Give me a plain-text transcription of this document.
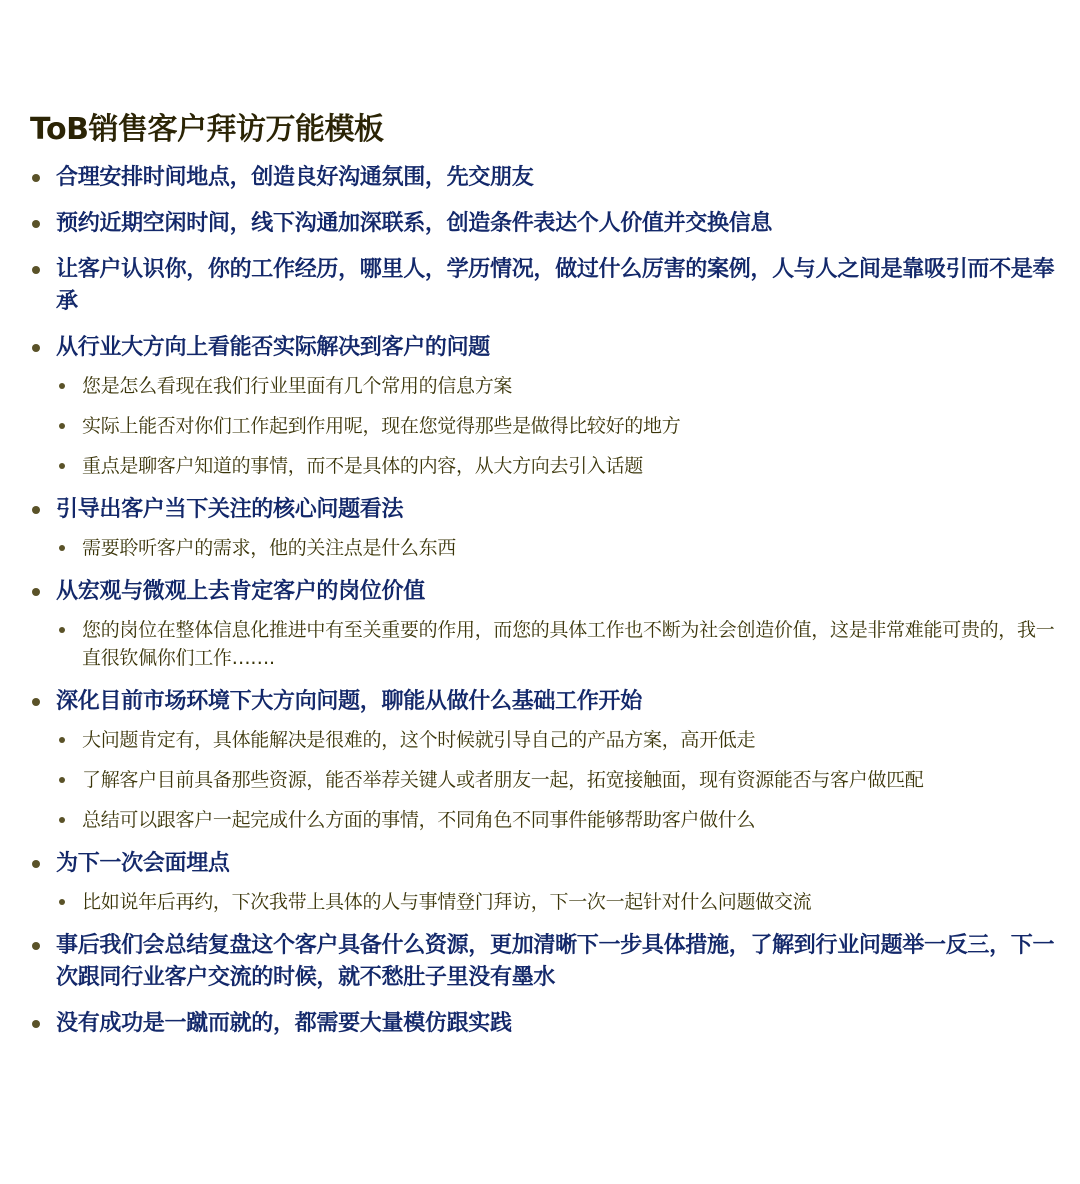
ToB销售客户拜访万能模板
合理安排时间地点，创造良好沟通氛围，先交朋友
预约近期空闲时间，线下沟通加深联系，创造条件表达个人价值并交换信息
让客户认识你，你的工作经历，哪里人，学历情况，做过什么厉害的案例，人与人之间是靠吸引而不是奉承
从行业大方向上看能否实际解决到客户的问题
您是怎么看现在我们行业里面有几个常用的信息方案
实际上能否对你们工作起到作用呢，现在您觉得那些是做得比较好的地方
重点是聊客户知道的事情，而不是具体的内容，从大方向去引入话题
引导出客户当下关注的核心问题看法
需要聆听客户的需求，他的关注点是什么东西
从宏观与微观上去肯定客户的岗位价值
您的岗位在整体信息化推进中有至关重要的作用，而您的具体工作也不断为社会创造价值，这是非常难能可贵的，我一直很钦佩你们工作…….
深化目前市场环境下大方向问题，聊能从做什么基础工作开始
大问题肯定有，具体能解决是很难的，这个时候就引导自己的产品方案，高开低走
了解客户目前具备那些资源，能否举荐关键人或者朋友一起，拓宽接触面，现有资源能否与客户做匹配
总结可以跟客户一起完成什么方面的事情，不同角色不同事件能够帮助客户做什么
为下一次会面埋点
比如说年后再约，下次我带上具体的人与事情登门拜访，下一次一起针对什么问题做交流
事后我们会总结复盘这个客户具备什么资源，更加清晰下一步具体措施，了解到行业问题举一反三，下一次跟同行业客户交流的时候，就不愁肚子里没有墨水
没有成功是一蹴而就的，都需要大量模仿跟实践
